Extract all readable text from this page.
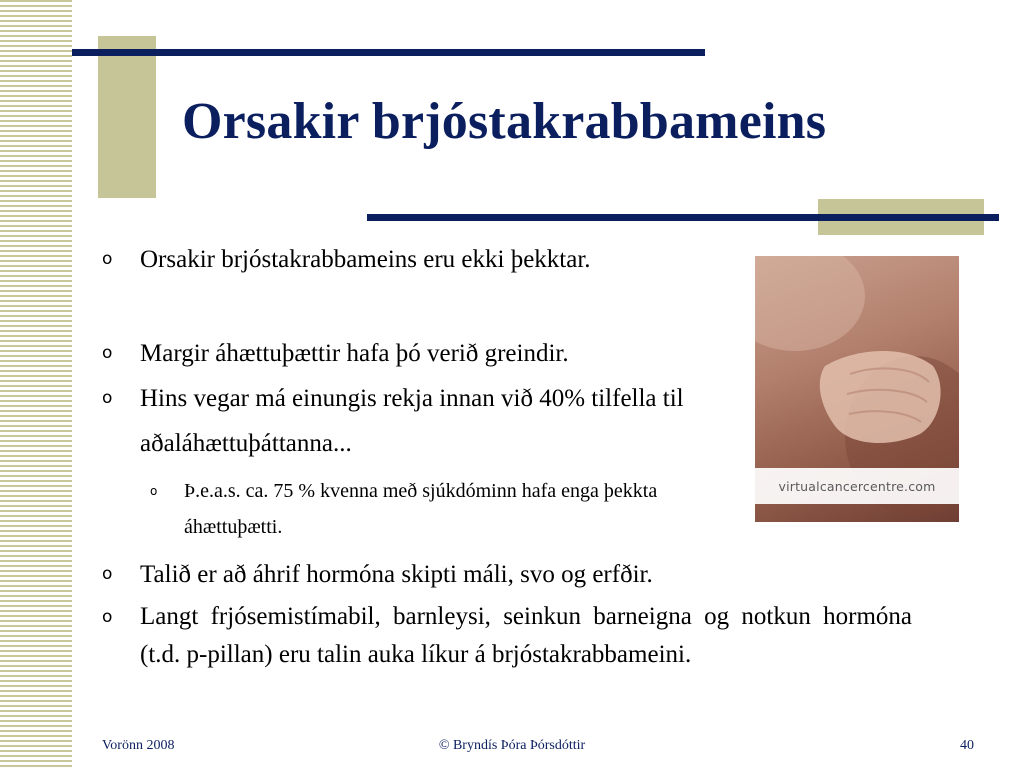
Orsakir brjóstakrabbameins
o Orsakir brjóstakrabbameins eru ekki þekktar.
o Margir áhættuþættir hafa þó verið greindir.
o Hins vegar má einungis rekja innan við 40% tilfella til aðaláhættuþáttanna...
o Þ.e.a.s. ca. 75 % kvenna með sjúkdóminn hafa enga þekkta áhættuþætti.
o Talið er að áhrif hormóna skipti máli, svo og erfðir.
o Langt frjósemistímabil, barnleysi, seinkun barneigna og notkun hormóna (t.d. p-pillan) eru talin auka líkur á brjóstakrabbameini.
virtualcancercentre.com

Vorönn 2008	© Bryndís Þóra Þórsdóttir	40
